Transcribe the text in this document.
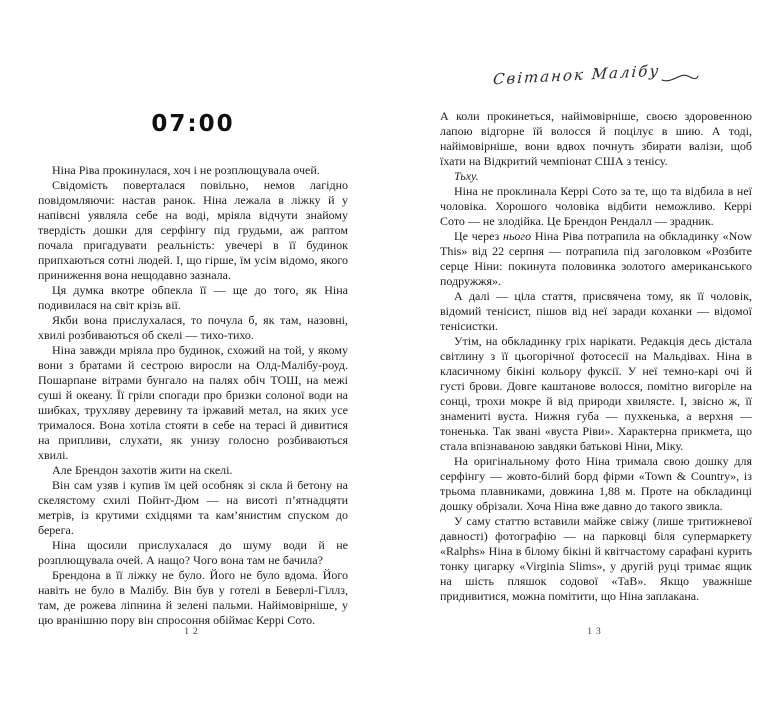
07:00

Ніна Ріва прокинулася, хоч і не розплющувала очей.

Свідомість поверталася повільно, немов лагідно повідомляючи: настав ранок. Ніна лежала в ліжку й у напівсні уявляла себе на воді, мріяла відчути знайому твердість дошки для серфінгу під грудьми, аж раптом почала пригадувати реальність: увечері в її будинок припхаються сотні людей. І, що гірше, їм усім відомо, якого приниження вона нещодавно зазнала.

Ця думка вкотре обпекла її — ще до того, як Ніна подивилася на світ крізь вії.

Якби вона прислухалася, то почула б, як там, назовні, хвилі розбиваються об скелі — тихо-тихо.

Ніна завжди мріяла про будинок, схожий на той, у якому вони з братами й сестрою виросли на Олд-Малібу-роуд. Пошарпане вітрами бунгало на палях обіч ТОШ, на межі суші й океану. Її гріли спогади про бризки солоної води на шибках, трухляву деревину та іржавий метал, на яких усе трималося. Вона хотіла стояти в себе на терасі й дивитися на припливи, слухати, як унизу голосно розбиваються хвилі.

Але Брендон захотів жити на скелі.

Він сам узяв і купив їм цей особняк зі скла й бетону на скелястому схилі Пойнт-Дюм — на висоті п’ятнадцяти метрів, із крутими східцями та кам’янистим спуском до берега.

Ніна щосили прислухалася до шуму води й не розплющувала очей. А нащо? Чого вона там не бачила?

Брендона в її ліжку не було. Його не було вдома. Його навіть не було в Малібу. Він був у готелі в Беверлі-Гіллз, там, де рожева ліпнина й зелені пальми. Найімовірніше, у цю вранішню пору він спросоння обіймає Керрі Сото.

12
Світанок Малібу

А коли прокинеться, найімовірніше, своєю здоровенною лапою відгорне їй волосся й поцілує в шию. А тоді, найімовірніше, вони вдвох почнуть збирати валізи, щоб їхати на Відкритий чемпіонат США з тенісу.

Тьху.

Ніна не проклинала Керрі Сото за те, що та відбила в неї чоловіка. Хорошого чоловіка відбити неможливо. Керрі Сото — не злодійка. Це Брендон Рендалл — зрадник.

Це через нього Ніна Ріва потрапила на обкладинку «Now This» від 22 серпня — потрапила під заголовком «Розбите серце Ніни: покинута половинка золотого американського подружжя».

А далі — ціла стаття, присвячена тому, як її чоловік, відомий тенісист, пішов від неї заради коханки — відомої тенісистки.

Утім, на обкладинку гріх нарікати. Редакція десь дістала світлину з її цьогорічної фотосесії на Мальдівах. Ніна в класичному бікіні кольору фуксії. У неї темно-карі очі й густі брови. Довге каштанове волосся, помітно вигоріле на сонці, трохи мокре й від природи хвилясте. І, звісно ж, її знамениті вуста. Нижня губа — пухкенька, а верхня — тоненька. Так звані «вуста Ріви». Характерна прикмета, що стала впізнаваною завдяки батькові Ніни, Міку.

На оригінальному фото Ніна тримала свою дошку для серфінгу — жовто-білий борд фірми «Town & Country», із трьома плавниками, довжина 1,88 м. Проте на обкладинці дошку обрізали. Хоча Ніна вже давно до такого звикла.

У саму статтю вставили майже свіжу (лише тритижневої давності) фотографію — на парковці біля супермаркету «Ralphs» Ніна в білому бікіні й квітчастому сарафані курить тонку цигарку «Virginia Slims», у другій руці тримає ящик на шість пляшок содової «TaB». Якщо уважніше придивитися, можна помітити, що Ніна заплакана.

13
